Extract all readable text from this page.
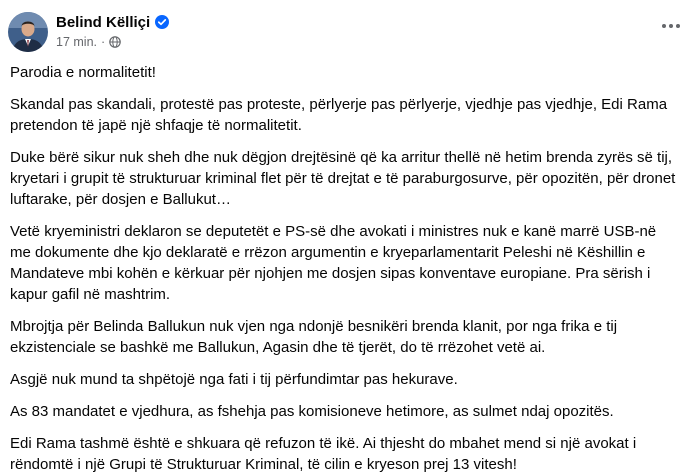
Belind Këlliçi
17 min. ·

Parodia e normalitetit!

Skandal pas skandali, protestë pas proteste, përlyerje pas përlyerje, vjedhje pas vjedhje, Edi Rama pretendon të japë një shfaqje të normalitetit.

Duke bërë sikur nuk sheh dhe nuk dëgjon drejtësinë që ka arritur thellë në hetim brenda zyrës së tij, kryetari i grupit të strukturuar kriminal flet për të drejtat e të paraburgosurve, për opozitën, për dronet luftarake, për dosjen e Ballukut…

Vetë kryeministri deklaron se deputetët e PS-së dhe avokati i ministres nuk e kanë marrë USB-në me dokumente dhe kjo deklaratë e rrëzon argumentin e kryeparlamentarit Peleshi në Këshillin e Mandateve mbi kohën e kërkuar për njohjen me dosjen sipas konventave europiane. Pra sërish i kapur gafil në mashtrim.

Mbrojtja për Belinda Ballukun nuk vjen nga ndonjë besnikëri brenda klanit, por nga frika e tij ekzistenciale se bashkë me Ballukun, Agasin dhe të tjerët, do të rrëzohet vetë ai.

Asgjë nuk mund ta shpëtojë nga fati i tij përfundimtar pas hekurave.

As 83 mandatet e vjedhura, as fshehja pas komisioneve hetimore, as sulmet ndaj opozitës.

Edi Rama tashmë është e shkuara që refuzon të ikë. Ai thjesht do mbahet mend si një avokat i rëndomtë i një Grupi të Strukturuar Kriminal, të cilin e kryeson prej 13 vitesh!
